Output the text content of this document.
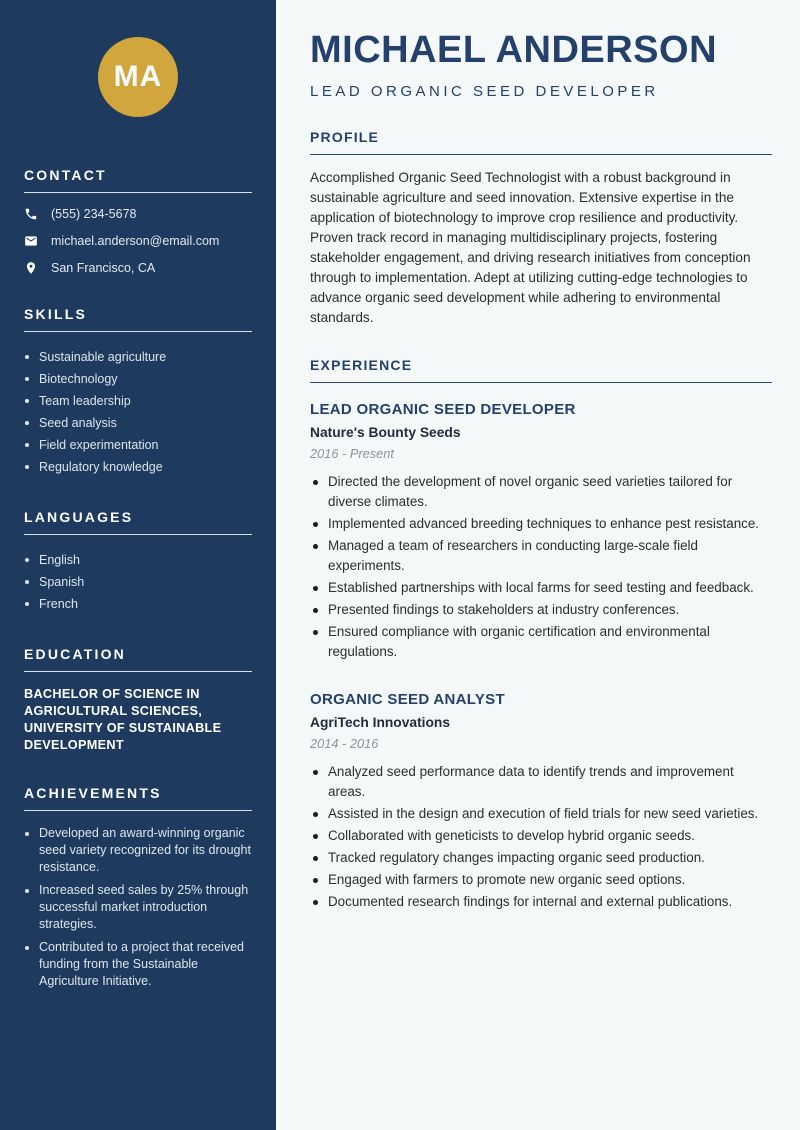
MA
CONTACT
(555) 234-5678
michael.anderson@email.com
San Francisco, CA
SKILLS
Sustainable agriculture
Biotechnology
Team leadership
Seed analysis
Field experimentation
Regulatory knowledge
LANGUAGES
English
Spanish
French
EDUCATION
BACHELOR OF SCIENCE IN AGRICULTURAL SCIENCES, UNIVERSITY OF SUSTAINABLE DEVELOPMENT
ACHIEVEMENTS
Developed an award-winning organic seed variety recognized for its drought resistance.
Increased seed sales by 25% through successful market introduction strategies.
Contributed to a project that received funding from the Sustainable Agriculture Initiative.
MICHAEL ANDERSON
LEAD ORGANIC SEED DEVELOPER
PROFILE

Accomplished Organic Seed Technologist with a robust background in sustainable agriculture and seed innovation. Extensive expertise in the application of biotechnology to improve crop resilience and productivity. Proven track record in managing multidisciplinary projects, fostering stakeholder engagement, and driving research initiatives from conception through to implementation. Adept at utilizing cutting-edge technologies to advance organic seed development while adhering to environmental standards.

EXPERIENCE
LEAD ORGANIC SEED DEVELOPER
Nature's Bounty Seeds
2016 - Present
Directed the development of novel organic seed varieties tailored for diverse climates.
Implemented advanced breeding techniques to enhance pest resistance.
Managed a team of researchers in conducting large-scale field experiments.
Established partnerships with local farms for seed testing and feedback.
Presented findings to stakeholders at industry conferences.
Ensured compliance with organic certification and environmental regulations.
ORGANIC SEED ANALYST
AgriTech Innovations
2014 - 2016
Analyzed seed performance data to identify trends and improvement areas.
Assisted in the design and execution of field trials for new seed varieties.
Collaborated with geneticists to develop hybrid organic seeds.
Tracked regulatory changes impacting organic seed production.
Engaged with farmers to promote new organic seed options.
Documented research findings for internal and external publications.
